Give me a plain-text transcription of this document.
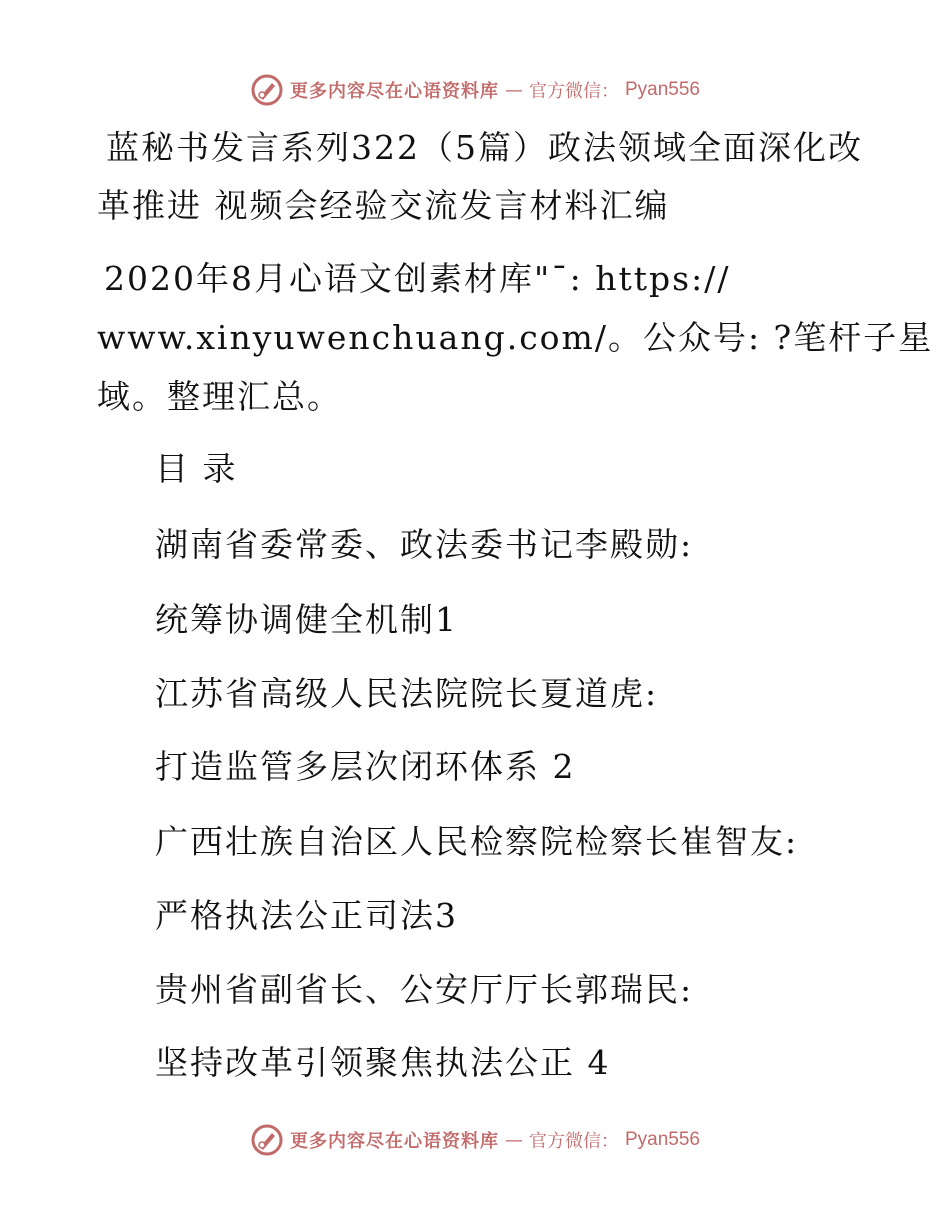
更多内容尽在心语资料库 — 官方微信： Pyan556
蓝秘书发言系列322（5篇）政法领域全面深化改
革推进 视频会经验交流发言材料汇编
2020年8月心语文创素材库"¯: https://
www.xinyuwenchuang.com/。公众号: ?笔杆子星
域。整理汇总。
目 录
湖南省委常委、政法委书记李殿勋:
统筹协调健全机制1
江苏省高级人民法院院长夏道虎:
打造监管多层次闭环体系 2
广西壮族自治区人民检察院检察长崔智友:
严格执法公正司法3
贵州省副省长、公安厅厅长郭瑞民:
坚持改革引领聚焦执法公正 4
更多内容尽在心语资料库 — 官方微信： Pyan556
